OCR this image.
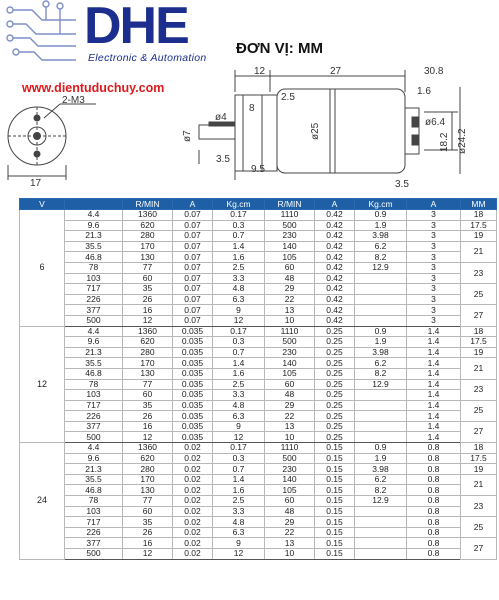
DHE
Electronic & Automation
www.dientuduchuy.com
ĐƠN VỊ: MM
2-M3
17
12	27	30.8
2.5
8
ø4
ø7	ø25
3.5
9.5
1.6
ø6.4
18.2 ø24.2
3.5
V		R/MIN	A	Kg.cm	R/MIN	A	Kg.cm	A	MM
6	4.4	1360	0.07	0.17	1110	0.42	0.9	3	18
	9.6	620	0.07	0.3	500	0.42	1.9	3	17.5
	21.3	280	0.07	0.7	230	0.42	3.98	3	19
	35.5	170	0.07	1.4	140	0.42	6.2	3	21
	46.8	130	0.07	1.6	105	0.42	8.2	3	
	78	77	0.07	2.5	60	0.42	12.9	3	23
	103	60	0.07	3.3	48	0.42		3	
	717	35	0.07	4.8	29	0.42		3	25
	226	26	0.07	6.3	22	0.42		3	
	377	16	0.07	9	13	0.42		3	27
	500	12	0.07	12	10	0.42		3	
12	4.4	1360	0.035	0.17	1110	0.25	0.9	1.4	18
	9.6	620	0.035	0.3	500	0.25	1.9	1.4	17.5
	21.3	280	0.035	0.7	230	0.25	3.98	1.4	19
	35.5	170	0.035	1.4	140	0.25	6.2	1.4	21
	46.8	130	0.035	1.6	105	0.25	8.2	1.4	
	78	77	0.035	2.5	60	0.25	12.9	1.4	23
	103	60	0.035	3.3	48	0.25		1.4	
	717	35	0.035	4.8	29	0.25		1.4	25
	226	26	0.035	6.3	22	0.25		1.4	
	377	16	0.035	9	13	0.25		1.4	27
	500	12	0.035	12	10	0.25		1.4	
24	4.4	1360	0.02	0.17	1110	0.15	0.9	0.8	18
	9.6	620	0.02	0.3	500	0.15	1.9	0.8	17.5
	21.3	280	0.02	0.7	230	0.15	3.98	0.8	19
	35.5	170	0.02	1.4	140	0.15	6.2	0.8	21
	46.8	130	0.02	1.6	105	0.15	8.2	0.8	
	78	77	0.02	2.5	60	0.15	12.9	0.8	23
	103	60	0.02	3.3	48	0.15		0.8	
	717	35	0.02	4.8	29	0.15		0.8	25
	226	26	0.02	6.3	22	0.15		0.8	
	377	16	0.02	9	13	0.15		0.8	27
	500	12	0.02	12	10	0.15		0.8	
